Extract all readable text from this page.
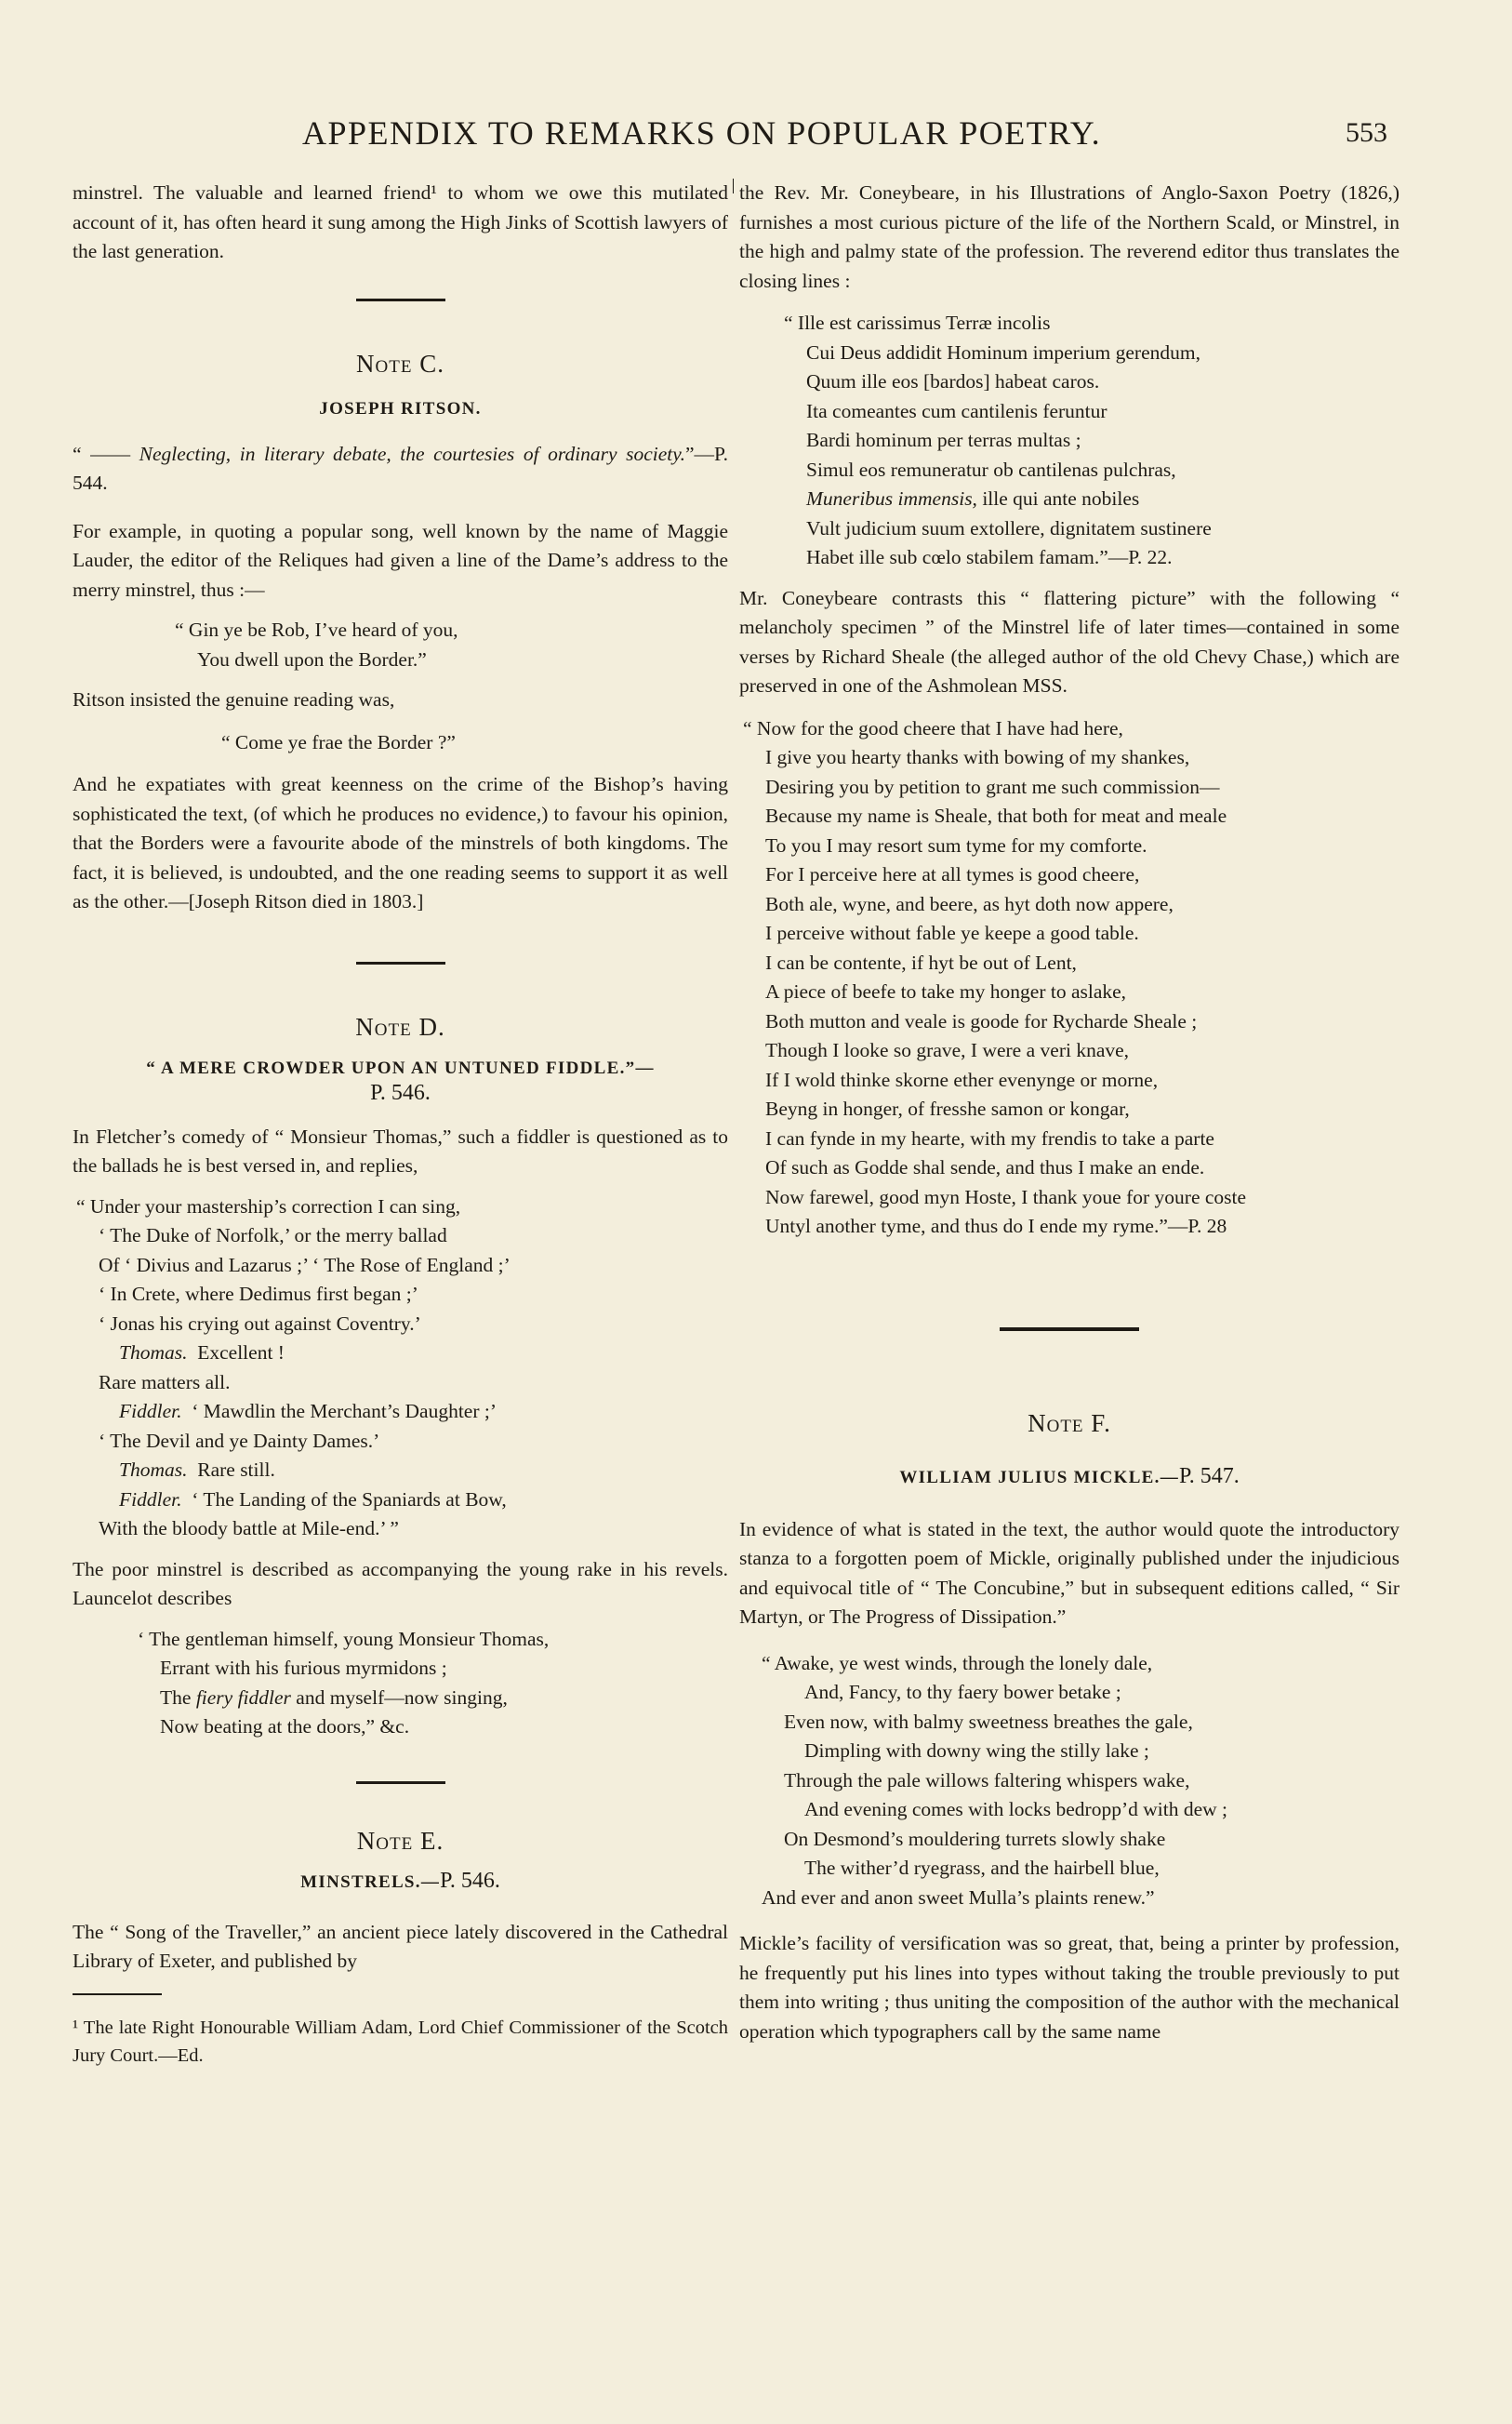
APPENDIX TO REMARKS ON POPULAR POETRY.	553

minstrel. The valuable and learned friend¹ to whom we owe this mutilated account of it, has often heard it sung among the High Jinks of Scottish lawyers of the last generation.

Note C.
JOSEPH RITSON.

“ —— Neglecting, in literary debate, the courtesies of ordinary society.”—P. 544.

For example, in quoting a popular song, well known by the name of Maggie Lauder, the editor of the Reliques had given a line of the Dame’s address to the merry minstrel, thus :—

“ Gin ye be Rob, I’ve heard of you,
You dwell upon the Border.”

Ritson insisted the genuine reading was,

“ Come ye frae the Border ?”

And he expatiates with great keenness on the crime of the Bishop’s having sophisticated the text, (of which he produces no evidence,) to favour his opinion, that the Borders were a favourite abode of the minstrels of both kingdoms. The fact, it is believed, is undoubted, and the one reading seems to support it as well as the other.—[Joseph Ritson died in 1803.]

Note D.
“ A MERE CROWDER UPON AN UNTUNED FIDDLE.”—
P. 546.

In Fletcher’s comedy of “ Monsieur Thomas,” such a fiddler is questioned as to the ballads he is best versed in, and replies,

“ Under your mastership’s correction I can sing,
‘ The Duke of Norfolk,’ or the merry ballad
Of ‘ Divius and Lazarus ;’ ‘ The Rose of England ;’
‘ In Crete, where Dedimus first began ;’
‘ Jonas his crying out against Coventry.’
Thomas. Excellent !
Rare matters all.
Fiddler. ‘ Mawdlin the Merchant’s Daughter ;’
‘ The Devil and ye Dainty Dames.’
Thomas. Rare still.
Fiddler. ‘ The Landing of the Spaniards at Bow,
With the bloody battle at Mile-end.’ ”

The poor minstrel is described as accompanying the young rake in his revels. Launcelot describes

‘ The gentleman himself, young Monsieur Thomas,
Errant with his furious myrmidons ;
The fiery fiddler and myself—now singing,
Now beating at the doors,” &c.
Note E.
MINSTRELS.—P. 546.

The “ Song of the Traveller,” an ancient piece lately discovered in the Cathedral Library of Exeter, and published by

¹ The late Right Honourable William Adam, Lord Chief Commissioner of the Scotch Jury Court.—Ed.

the Rev. Mr. Coneybeare, in his Illustrations of Anglo-Saxon Poetry (1826,) furnishes a most curious picture of the life of the Northern Scald, or Minstrel, in the high and palmy state of the profession. The reverend editor thus translates the closing lines :

“ Ille est carissimus Terræ incolis
Cui Deus addidit Hominum imperium gerendum,
Quum ille eos [bardos] habeat caros.
Ita comeantes cum cantilenis feruntur
Bardi hominum per terras multas ;
Simul eos remuneratur ob cantilenas pulchras,
Muneribus immensis, ille qui ante nobiles
Vult judicium suum extollere, dignitatem sustinere
Habet ille sub cœlo stabilem famam.”—P. 22.

Mr. Coneybeare contrasts this “ flattering picture” with the following “ melancholy specimen ” of the Minstrel life of later times—contained in some verses by Richard Sheale (the alleged author of the old Chevy Chase,) which are preserved in one of the Ashmolean MSS.

“ Now for the good cheere that I have had here,
I give you hearty thanks with bowing of my shankes,
Desiring you by petition to grant me such commission—
Because my name is Sheale, that both for meat and meale
To you I may resort sum tyme for my comforte.
For I perceive here at all tymes is good cheere,
Both ale, wyne, and beere, as hyt doth now appere,
I perceive without fable ye keepe a good table.
I can be contente, if hyt be out of Lent,
A piece of beefe to take my honger to aslake,
Both mutton and veale is goode for Rycharde Sheale ;
Though I looke so grave, I were a veri knave,
If I wold thinke skorne ether evenynge or morne,
Beyng in honger, of fresshe samon or kongar,
I can fynde in my hearte, with my frendis to take a parte
Of such as Godde shal sende, and thus I make an ende.
Now farewel, good myn Hoste, I thank youe for youre coste
Untyl another tyme, and thus do I ende my ryme.”—P. 28
Note F.
WILLIAM JULIUS MICKLE.—P. 547.

In evidence of what is stated in the text, the author would quote the introductory stanza to a forgotten poem of Mickle, originally published under the injudicious and equivocal title of “ The Concubine,” but in subsequent editions called, “ Sir Martyn, or The Progress of Dissipation.”

“ Awake, ye west winds, through the lonely dale,
And, Fancy, to thy faery bower betake ;
Even now, with balmy sweetness breathes the gale,
Dimpling with downy wing the stilly lake ;
Through the pale willows faltering whispers wake,
And evening comes with locks bedropp’d with dew ;
On Desmond’s mouldering turrets slowly shake
The wither’d ryegrass, and the hairbell blue,
And ever and anon sweet Mulla’s plaints renew.”

Mickle’s facility of versification was so great, that, being a printer by profession, he frequently put his lines into types without taking the trouble previously to put them into writing ; thus uniting the composition of the author with the mechanical operation which typographers call by the same name
